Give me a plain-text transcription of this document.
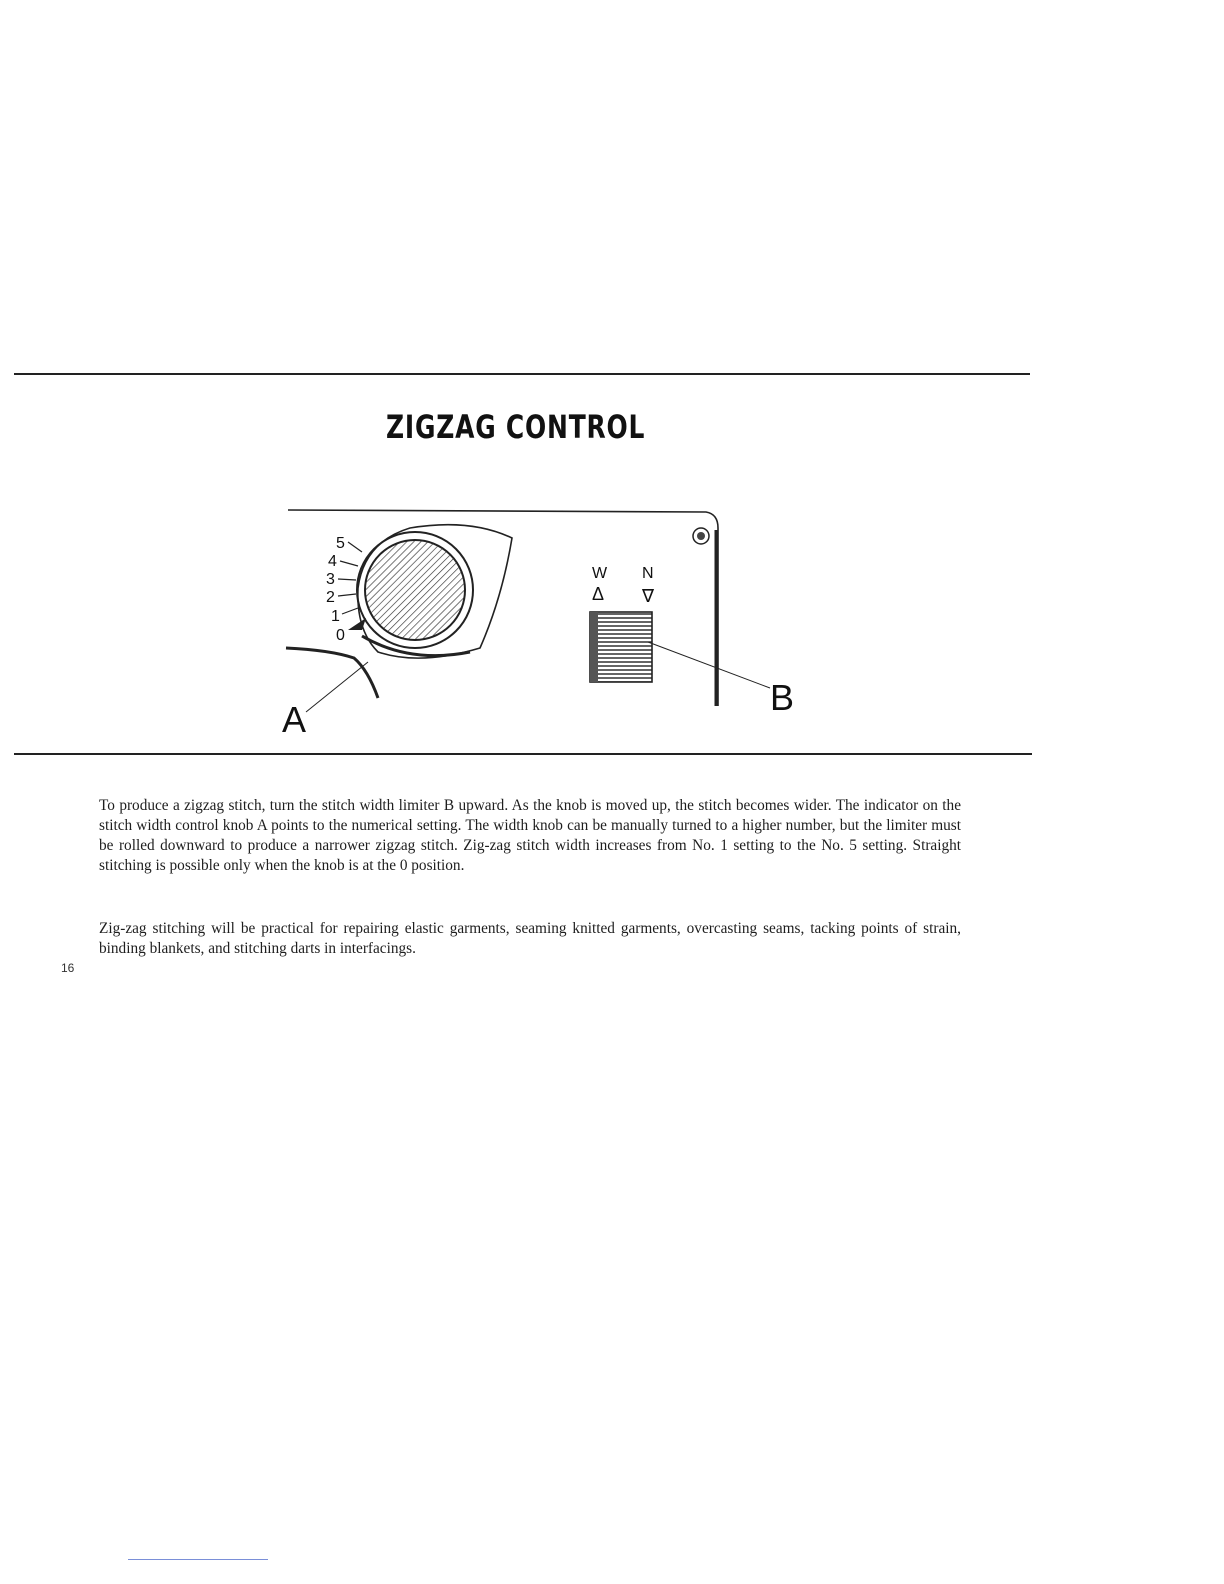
ZIGZAG CONTROL
5
4
3
2
1
0
A
W N
Δ ∇
B

To produce a zigzag stitch, turn the stitch width limiter B upward. As the knob is moved up, the stitch becomes wider. The indicator on the stitch width control knob A points to the numerical setting. The width knob can be manually turned to a higher number, but the limiter must be rolled downward to produce a narrower zigzag stitch. Zig-zag stitch width increases from No. 1 setting to the No. 5 setting. Straight stitching is possible only when the knob is at the 0 position.

Zig-zag stitching will be practical for repairing elastic garments, seaming knitted garments, overcasting seams, tacking points of strain, binding blankets, and stitching darts in interfacings.

16
